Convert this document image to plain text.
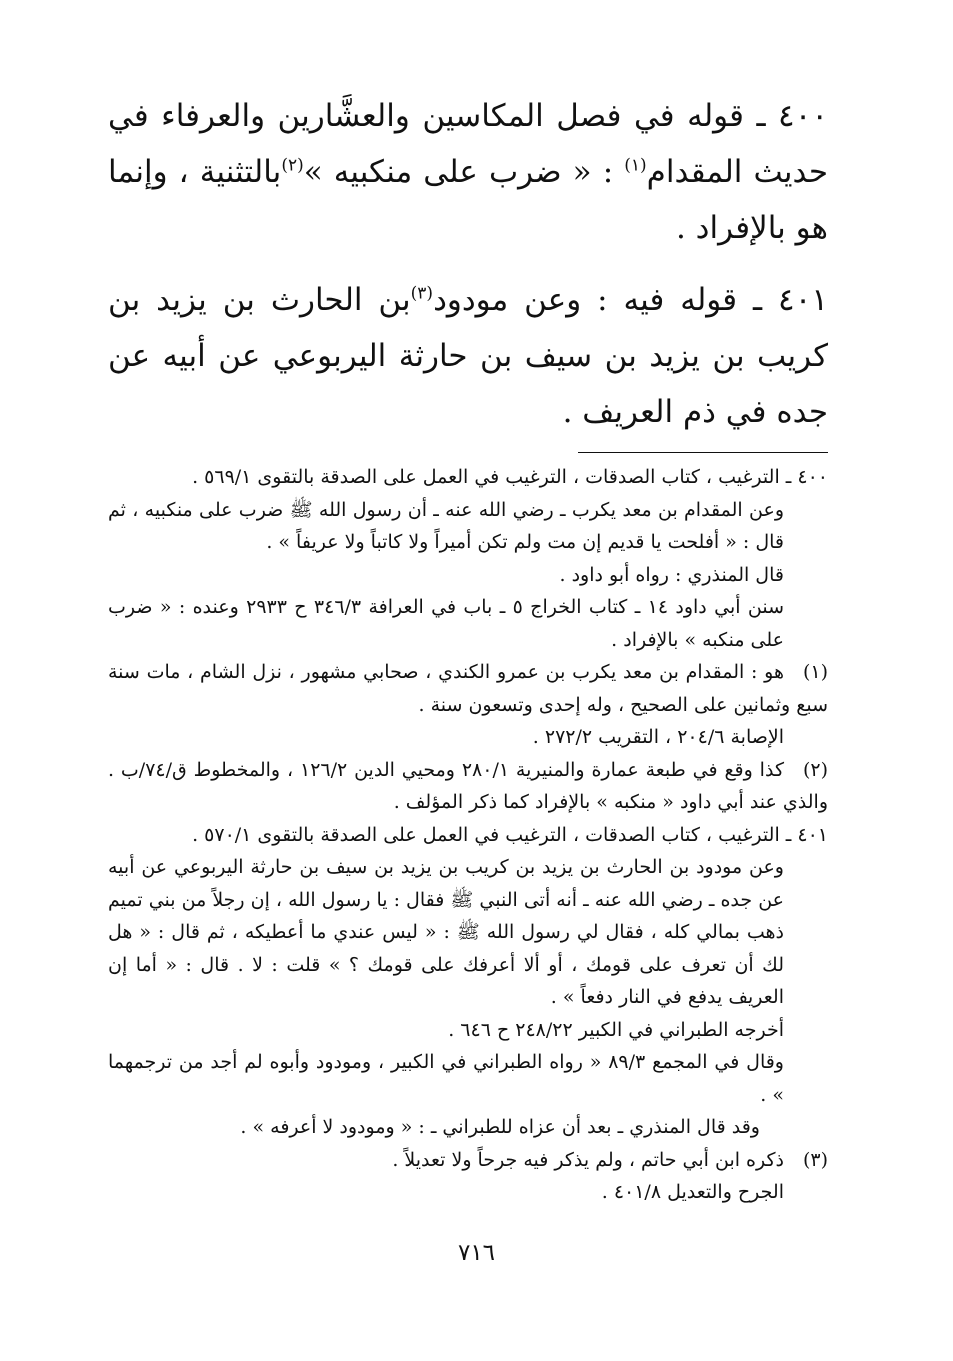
٤٠٠ ـ قوله في فصل المكاسين والعشَّارين والعرفاء في حديث المقدام$^{(١)}$ : « ضرب على منكبيه »$^{(٢)}$بالتثنية ، وإنما هو بالإفراد .

٤٠١ ـ قوله فيه : وعن مودود$^{(٣)}$بن الحارث بن يزيد بن كريب بن يزيد بن سيف بن حارثة اليربوعي عن أبيه عن جده في ذم العريف .

٤٠٠ ـ الترغيب ، كتاب الصدقات ، الترغيب في العمل على الصدقة بالتقوى ٥٦٩/١ .

وعن المقدام بن معد يكرب ـ رضي الله عنه ـ أن رسول الله ﷺ ضرب على منكبيه ، ثم قال : « أفلحت يا قديم إن مت ولم تكن أميراً ولا كاتباً ولا عريفاً » .

قال المنذري : رواه أبو داود .

سنن أبي داود ١٤ ـ كتاب الخراج ٥ ـ باب في العرافة ٣٤٦/٣ ح ٢٩٣٣ وعنده : « ضرب على منكبه » بالإفراد .

(١)هو : المقدام بن معد يكرب بن عمرو الكندي ، صحابي مشهور ، نزل الشام ، مات سنة سبع وثمانين على الصحيح ، وله إحدى وتسعون سنة .

الإصابة ٢٠٤/٦ ، التقريب ٢٧٢/٢ .

(٢)كذا وقع في طبعة عمارة والمنيرية ٢٨٠/١ ومحيي الدين ١٢٦/٢ ، والمخطوط ق/٧٤/ب . والذي عند أبي داود « منكبه » بالإفراد كما ذكر المؤلف .

٤٠١ ـ الترغيب ، كتاب الصدقات ، الترغيب في العمل على الصدقة بالتقوى ٥٧٠/١ .

وعن مودود بن الحارث بن يزيد بن كريب بن يزيد بن سيف بن حارثة اليربوعي عن أبيه عن جده ـ رضي الله عنه ـ أنه أتى النبي ﷺ فقال : يا رسول الله ، إن رجلاً من بني تميم ذهب بمالي كله ، فقال لي رسول الله ﷺ : « ليس عندي ما أعطيكه ، ثم قال : « هل لك أن تعرف على قومك ، أو ألا أعرفك على قومك ؟ » قلت : لا . قال : « أما إن العريف يدفع في النار دفعاً » .

أخرجه الطبراني في الكبير ٢٤٨/٢٢ ح ٦٤٦ .

وقال في المجمع ٨٩/٣ « رواه الطبراني في الكبير ، ومودود وأبوه لم أجد من ترجمهما » .

وقد قال المنذري ـ بعد أن عزاه للطبراني ـ : « ومودود لا أعرفه » .

(٣)ذكره ابن أبي حاتم ، ولم يذكر فيه جرحاً ولا تعديلاً .

الجرح والتعديل ٤٠١/٨ .

٧١٦
